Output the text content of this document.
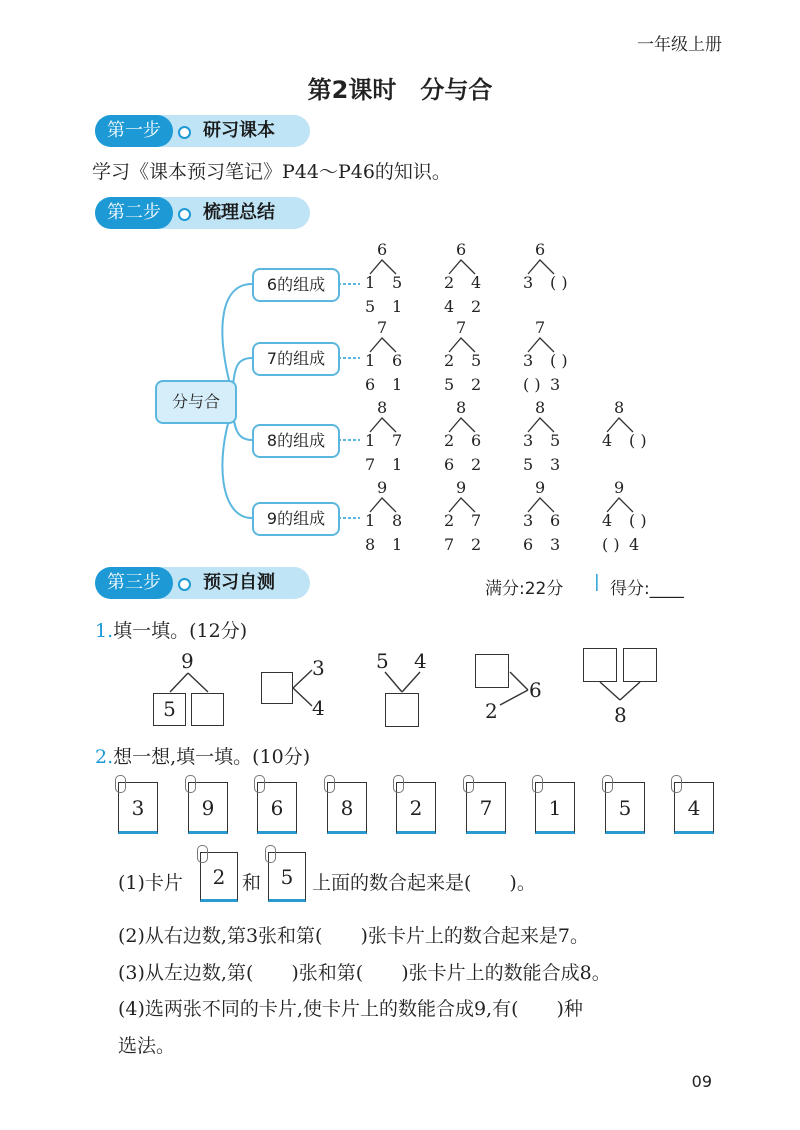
一年级上册
第2课时　分与合
第一步	研习课本
学习《课本预习笔记》P44～P46的知识。
第二步	梳理总结
分与合
6的组成
7的组成
8的组成
9的组成
6
1 5
5 1
6
2 4
4 2
6
3 ( )
7
1 6
6 1
7
2 5
5 2
7
3 ( )
( ) 3
8
1 7
7 1
8
2 6
6 2
8
3 5
5 3
8
4 ( )
9
1 8
8 1
9
2 7
7 2
9
3 6
6 3
9
4 ( )
( ) 4
第三步	预习自测	满分:22分 | 得分:____
1.填一填。(12分)
9
5
3
4
5 4
2
6
8
2.想一想,填一填。(10分)
3	9	6	8	2	7	1	5	4
(1)卡片	2 和 5 上面的数合起来是(　　)。
(2)从右边数,第3张和第(　　)张卡片上的数合起来是7。
(3)从左边数,第(　　)张和第(　　)张卡片上的数能合成8。
(4)选两张不同的卡片,使卡片上的数能合成9,有(　　)种
选法。
09
